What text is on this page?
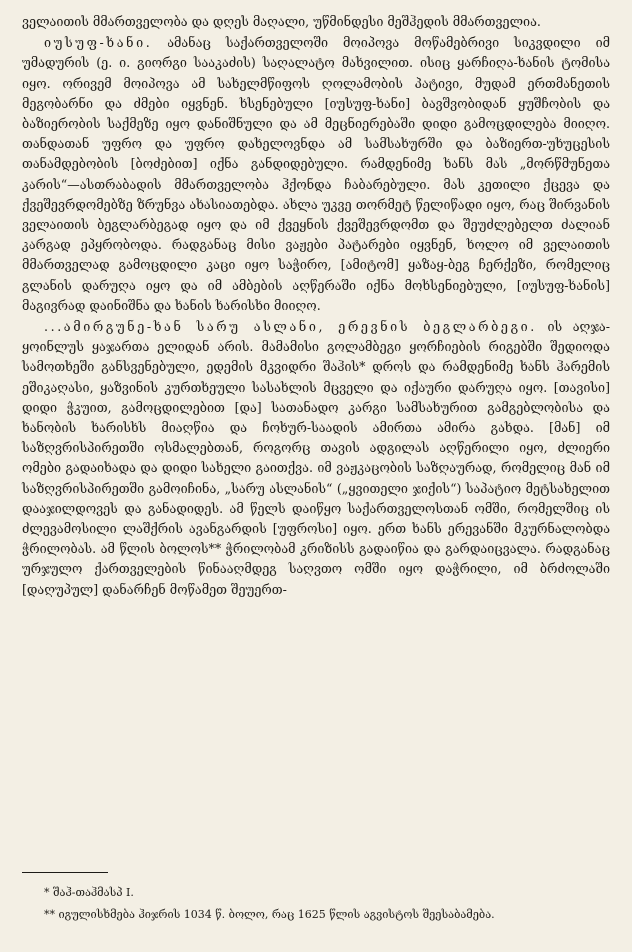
ველაითის მმართველობა და დღეს მაღალი, უწმინდესი მეშჰედის მმართველია.

იუსუფ-ხანი. ამანაც საქართველოში მოიპოვა მოწამებრივი სიკვდილი იმ უმადურის (ე. ი. გიორგი სააკაძის) საღალატო მახვილით. ისიც ყარჩიღა-ხანის ტომისა იყო. ორივემ მოიპოვა ამ სახელმწიფოს ღოლამობის პატივი, მუდამ ერთმანეთის მეგობარნი და ძმები იყვნენ. ხსენებული [იუსუფ-ხანი] ბავშვობიდან ყუშჩობის და ბაზიერობის საქმეზე იყო დანიშნული და ამ მეცნიერებაში დიდი გამოცდილება მიიღო. თანდათან უფრო და უფრო დახელოვნდა ამ სამსახურში და ბაზიერთ-უხუცესის თანამდებობის [ბოძებით] იქნა განდიდებული. რამდენიმე ხანს მას „მორწმუნეთა კარის“—ასთრაბადის მმართველობა ჰქონდა ჩაბარებული. მას კეთილი ქცევა და ქვეშევრდომებზე ზრუნვა ახასიათებდა. ახლა უკვე თორმეტ წელიწადი იყო, რაც შირვანის ველაითის ბეგლარბეგად იყო და იმ ქვეყნის ქვეშევრდომთ და შეუძლებელთ ძალიან კარგად ეპყრობოდა. რადგანაც მისი ვაჟები პატარები იყვნენ, ხოლო იმ ველაითის მმართველად გამოცდილი კაცი იყო საჭირო, [ამიტომ] ყაზაყ-ბეგ ჩერქეზი, რომელიც გლანის დარუღა იყო და იმ ამბების აღწერაში იქნა მოხსენიებული, [იუსუფ-ხანის] მაგივრად დაინიშნა და ხანის ხარისხი მიიღო.

...ამირგუნე-ხან სარუ ასლანი, ერევნის ბეგლარბეგი. ის აღჯა-ყოინლუს ყაჯართა ელიდან არის. მამამისი გოლამბეგი ყორჩიების რიგებში შედიოდა სამოთხეში განსვენებული, ედემის მკვიდრი შაჰის* დროს და რამდენიმე ხანს ჰარემის ეშიკაღასი, ყაზვინის კურთხეული სასახლის მცველი და იქაური დარუღა იყო. [თავისი] დიდი ჭკუით, გამოცდილებით [და] სათანადო კარგი სამსახურით გამგებლობისა და ხანობის ხარისხს მიაღწია და ჩოხურ-საადის ამირთა ამირა გახდა. [მან] იმ საზღვრისპირეთში ოსმალებთან, როგორც თავის ადგილას აღწერილი იყო, ძლიერი ომები გადაიხადა და დიდი სახელი გაითქვა. იმ ვაჟკაცობის საზღაურად, რომელიც მან იმ საზღვრისპირეთში გამოიჩინა, „სარუ ასლანის“ („ყვითელი ჯიქის“) საპატიო მეტსახელით დააჯილდოვეს და განადიდეს. ამ წელს დაიწყო საქართველოსთან ომში, რომელშიც ის ძლევამოსილი ლაშქრის ავანგარდის [უფროსი] იყო. ერთ ხანს ერევანში მკურნალობდა ჭრილობას. ამ წლის ბოლოს** ჭრილობამ კრიზისს გადაიწია და გარდაიცვალა. რადგანაც ურჯულო ქართველების წინააღმდეგ საღვთო ომში იყო დაჭრილი, იმ ბრძოლაში [დაღუპულ] დანარჩენ მოწამეთ შეუერთ-

* შაჰ-თაჰმასპ I.
** იგულისხმება ჰიჯრის 1034 წ. ბოლო, რაც 1625 წლის აგვისტოს შეესაბამება.
